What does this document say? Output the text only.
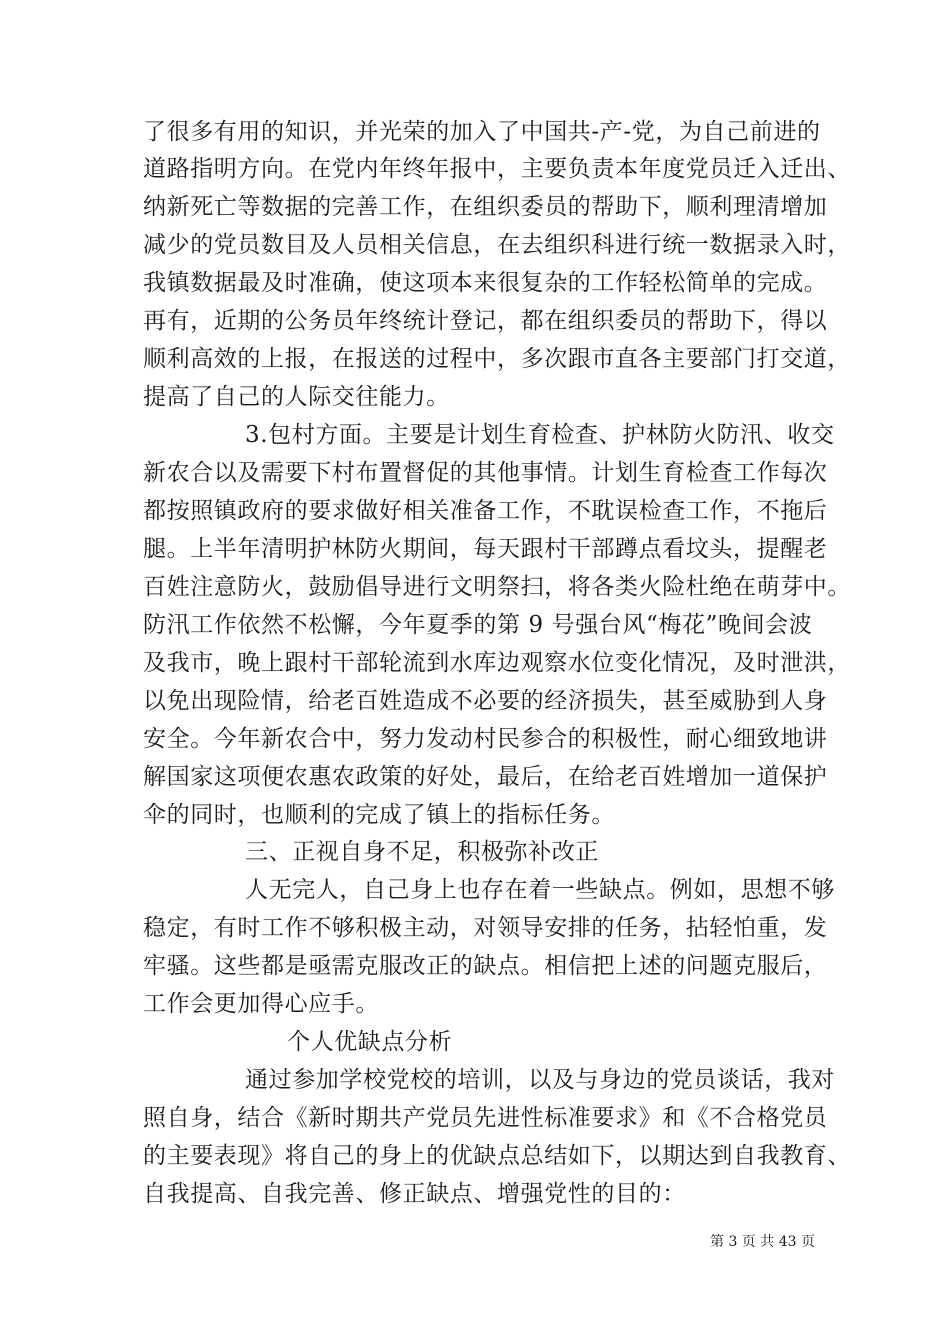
了很多有用的知识，并光荣的加入了中国共-产-党，为自己前进的
道路指明方向。在党内年终年报中，主要负责本年度党员迁入迁出、
纳新死亡等数据的完善工作，在组织委员的帮助下，顺利理清增加
减少的党员数目及人员相关信息，在去组织科进行统一数据录入时，
我镇数据最及时准确，使这项本来很复杂的工作轻松简单的完成。
再有，近期的公务员年终统计登记，都在组织委员的帮助下，得以
顺利高效的上报，在报送的过程中，多次跟市直各主要部门打交道，
提高了自己的人际交往能力。
3.包村方面。主要是计划生育检查、护林防火防汛、收交
新农合以及需要下村布置督促的其他事情。计划生育检查工作每次
都按照镇政府的要求做好相关准备工作，不耽误检查工作，不拖后
腿。上半年清明护林防火期间，每天跟村干部蹲点看坟头，提醒老
百姓注意防火，鼓励倡导进行文明祭扫，将各类火险杜绝在萌芽中。
防汛工作依然不松懈，今年夏季的第 9 号强台风“梅花”晚间会波
及我市，晚上跟村干部轮流到水库边观察水位变化情况，及时泄洪，
以免出现险情，给老百姓造成不必要的经济损失，甚至威胁到人身
安全。今年新农合中，努力发动村民参合的积极性，耐心细致地讲
解国家这项便农惠农政策的好处，最后，在给老百姓增加一道保护
伞的同时，也顺利的完成了镇上的指标任务。
三、正视自身不足，积极弥补改正
人无完人，自己身上也存在着一些缺点。例如，思想不够
稳定，有时工作不够积极主动，对领导安排的任务，拈轻怕重，发
牢骚。这些都是亟需克服改正的缺点。相信把上述的问题克服后，
工作会更加得心应手。
个人优缺点分析
通过参加学校党校的培训，以及与身边的党员谈话，我对
照自身，结合《新时期共产党员先进性标准要求》和《不合格党员
的主要表现》将自己的身上的优缺点总结如下，以期达到自我教育、
自我提高、自我完善、修正缺点、增强党性的目的：
第 3 页 共 43 页
